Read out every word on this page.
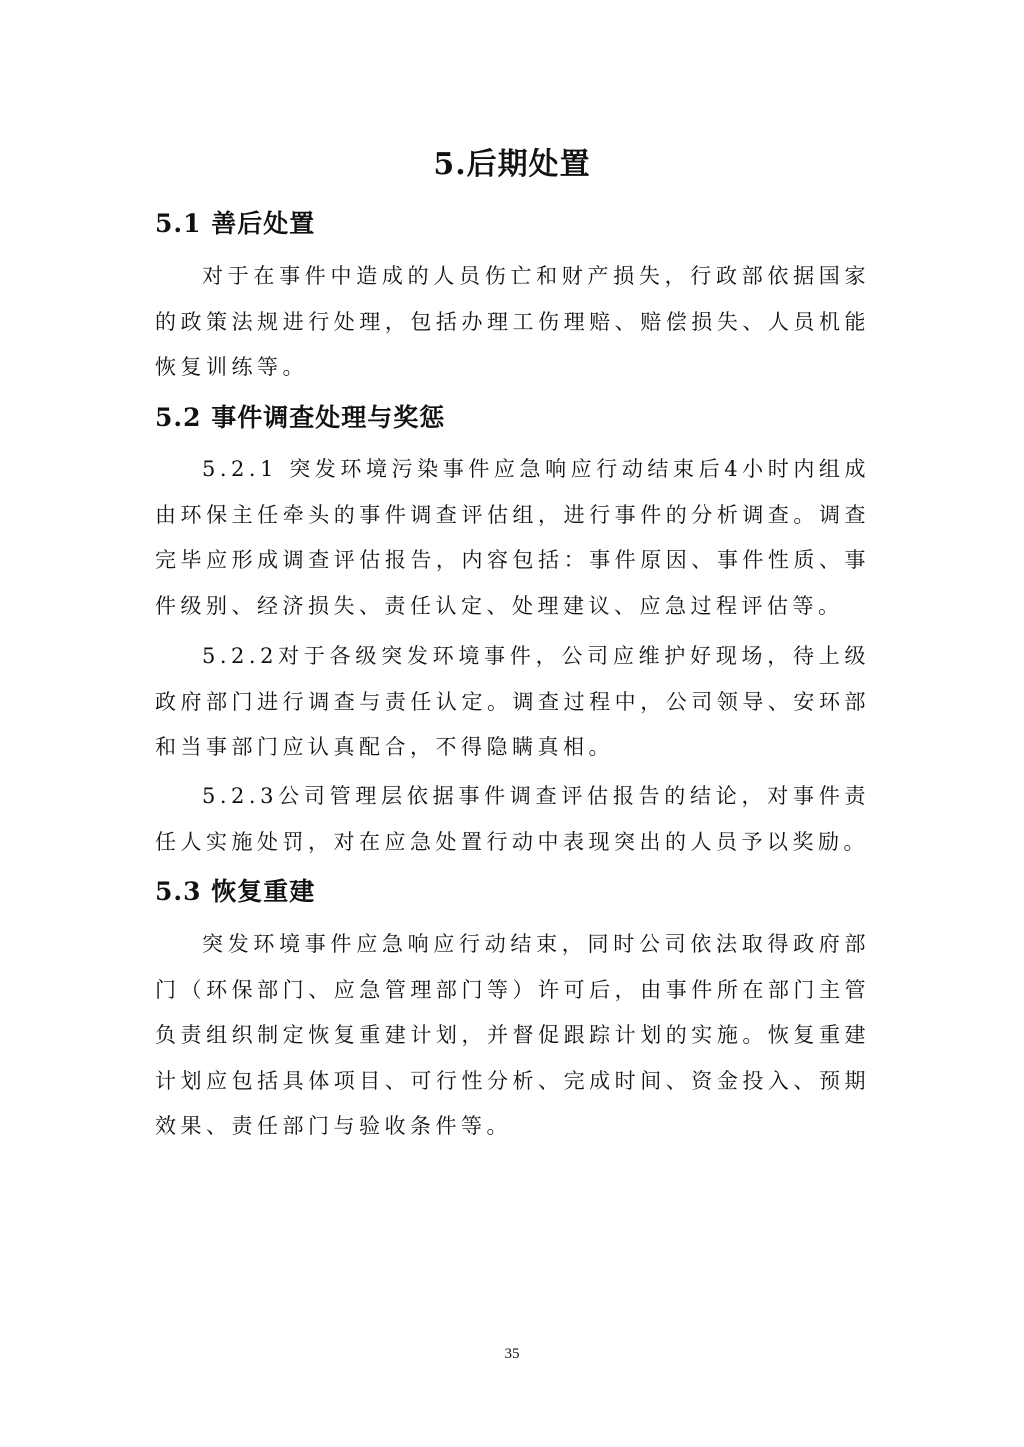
5.后期处置
5.1 善后处置
对于在事件中造成的人员伤亡和财产损失，行政部依据国家的政策法规进行处理，包括办理工伤理赔、赔偿损失、人员机能恢复训练等。
5.2 事件调查处理与奖惩
5.2.1 突发环境污染事件应急响应行动结束后4小时内组成由环保主任牵头的事件调查评估组，进行事件的分析调查。调查完毕应形成调查评估报告，内容包括：事件原因、事件性质、事件级别、经济损失、责任认定、处理建议、应急过程评估等。
5.2.2对于各级突发环境事件，公司应维护好现场，待上级政府部门进行调查与责任认定。调查过程中，公司领导、安环部和当事部门应认真配合，不得隐瞒真相。
5.2.3公司管理层依据事件调查评估报告的结论，对事件责任人实施处罚，对在应急处置行动中表现突出的人员予以奖励。
5.3 恢复重建
突发环境事件应急响应行动结束，同时公司依法取得政府部门（环保部门、应急管理部门等）许可后，由事件所在部门主管负责组织制定恢复重建计划，并督促跟踪计划的实施。恢复重建计划应包括具体项目、可行性分析、完成时间、资金投入、预期效果、责任部门与验收条件等。
35
